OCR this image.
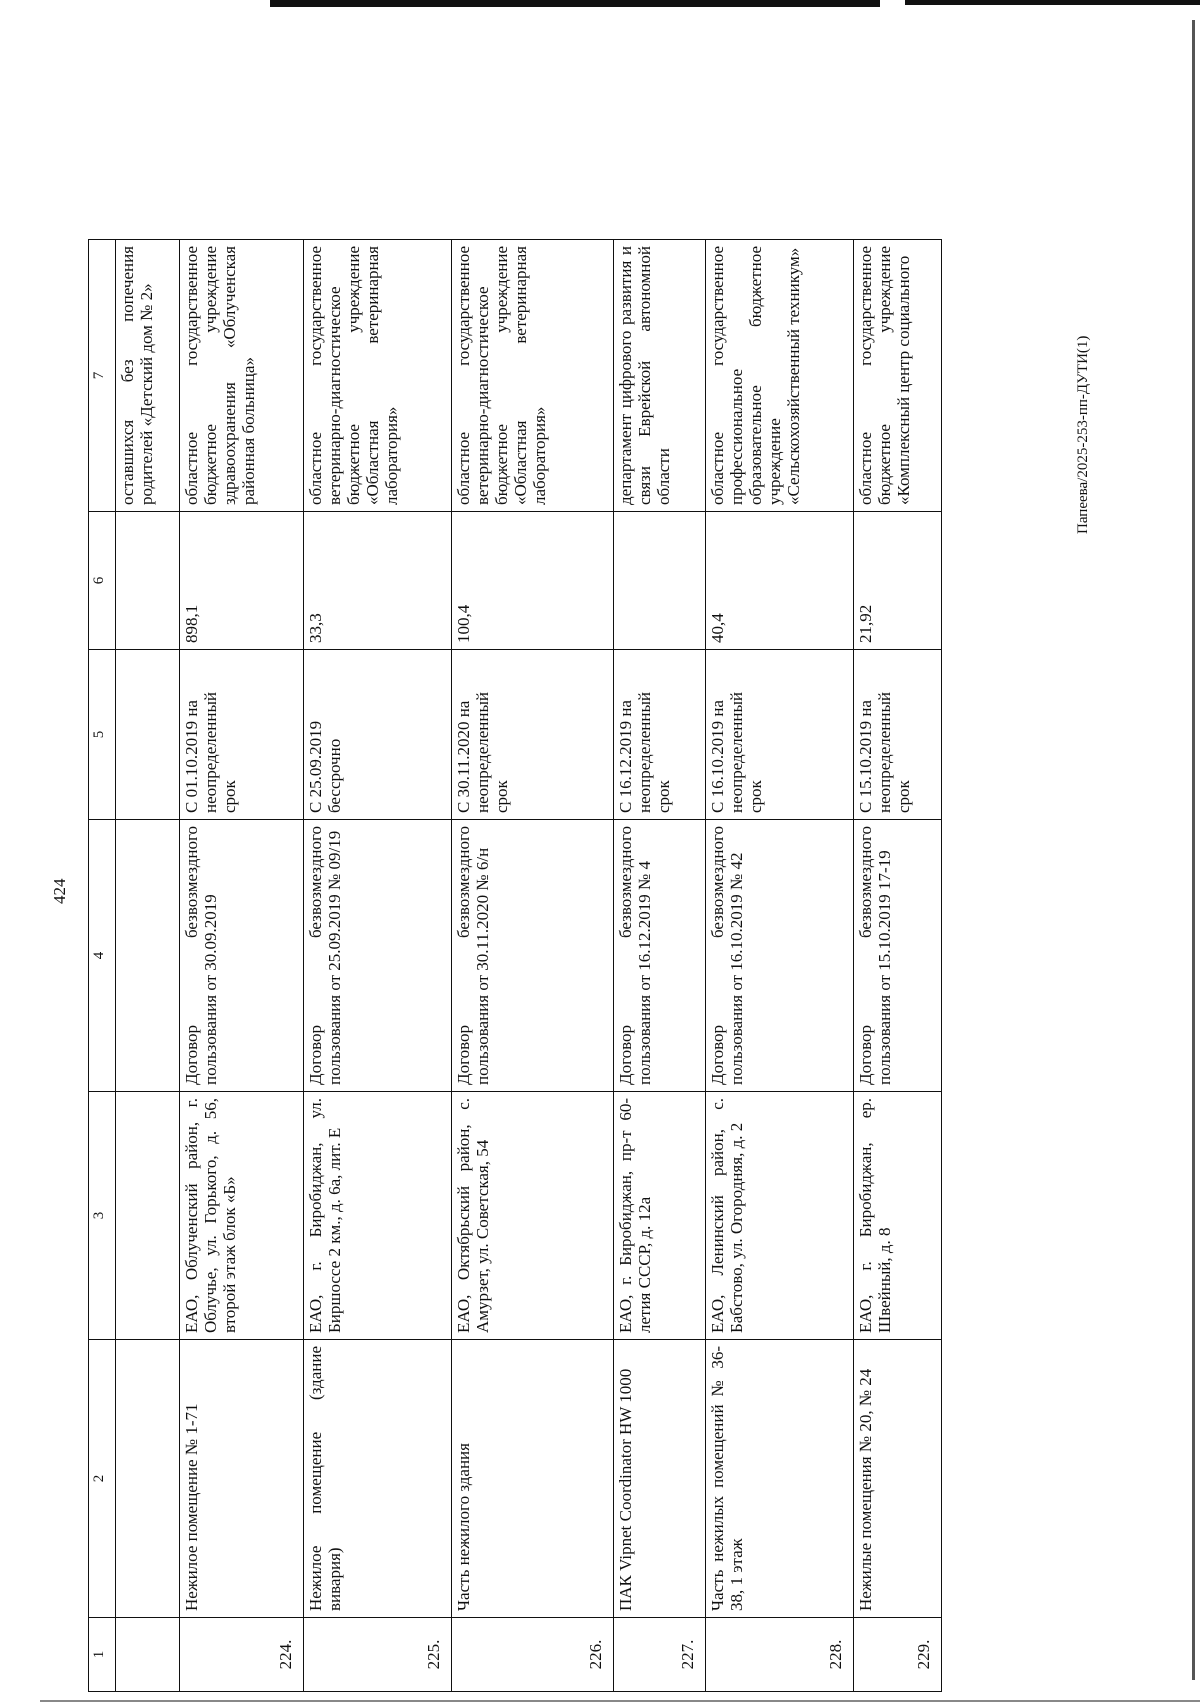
424
1	2	3	4	5	6	7
						оставшихся без попечения родителей «Детский дом № 2»
224.	Нежилое помещение № 1-71	ЕАО, Облученский район, г. Облучье, ул. Горького, д. 56, второй этаж блок «Б»	Договор безвозмездного пользования от 30.09.2019	С 01.10.2019 на неопределенный срок	898,1	областное государственное бюджетное учреждение здравоохранения «Облученская районная больница»
225.	Нежилое помещение (здание вивария)	ЕАО, г. Биробиджан, ул. Биршоссе 2 км., д. 6а, лит. Е	Договор безвозмездного пользования от 25.09.2019 № 09/19	С 25.09.2019 бессрочно	33,3	областное государственное ветеринарно-диагностическое бюджетное учреждение «Областная ветеринарная лаборатория»
226.	Часть нежилого здания	ЕАО, Октябрьский район, с. Амурзет, ул. Советская, 54	Договор безвозмездного пользования от 30.11.2020 № 6/н	С 30.11.2020 на неопределенный срок	100,4	областное государственное ветеринарно-диагностическое бюджетное учреждение «Областная ветеринарная лаборатория»
227.	ПАК Vipnet Coordinator HW 1000	ЕАО, г. Биробиджан, пр-т 60-летия СССР, д. 12а	Договор безвозмездного пользования от 16.12.2019 № 4	С 16.12.2019 на неопределенный срок		департамент цифрового развития и связи Еврейской автономной области
228.	Часть нежилых помещений № 36-38, 1 этаж	ЕАО, Ленинский район, с. Бабстово, ул. Огородняя, д. 2	Договор безвозмездного пользования от 16.10.2019 № 42	С 16.10.2019 на неопределенный срок	40,4	областное государственное профессиональное образовательное бюджетное учреждение «Сельскохозяйственный техникум»
229.	Нежилые помещения № 20, № 24	ЕАО, г. Биробиджан, ер. Швейный, д. 8	Договор безвозмездного пользования от 15.10.2019 17-19	С 15.10.2019 на неопределенный срок	21,92	областное государственное бюджетное учреждение «Комплексный центр социального	Папеева/2025-253-пп-ДУТИ(1)
